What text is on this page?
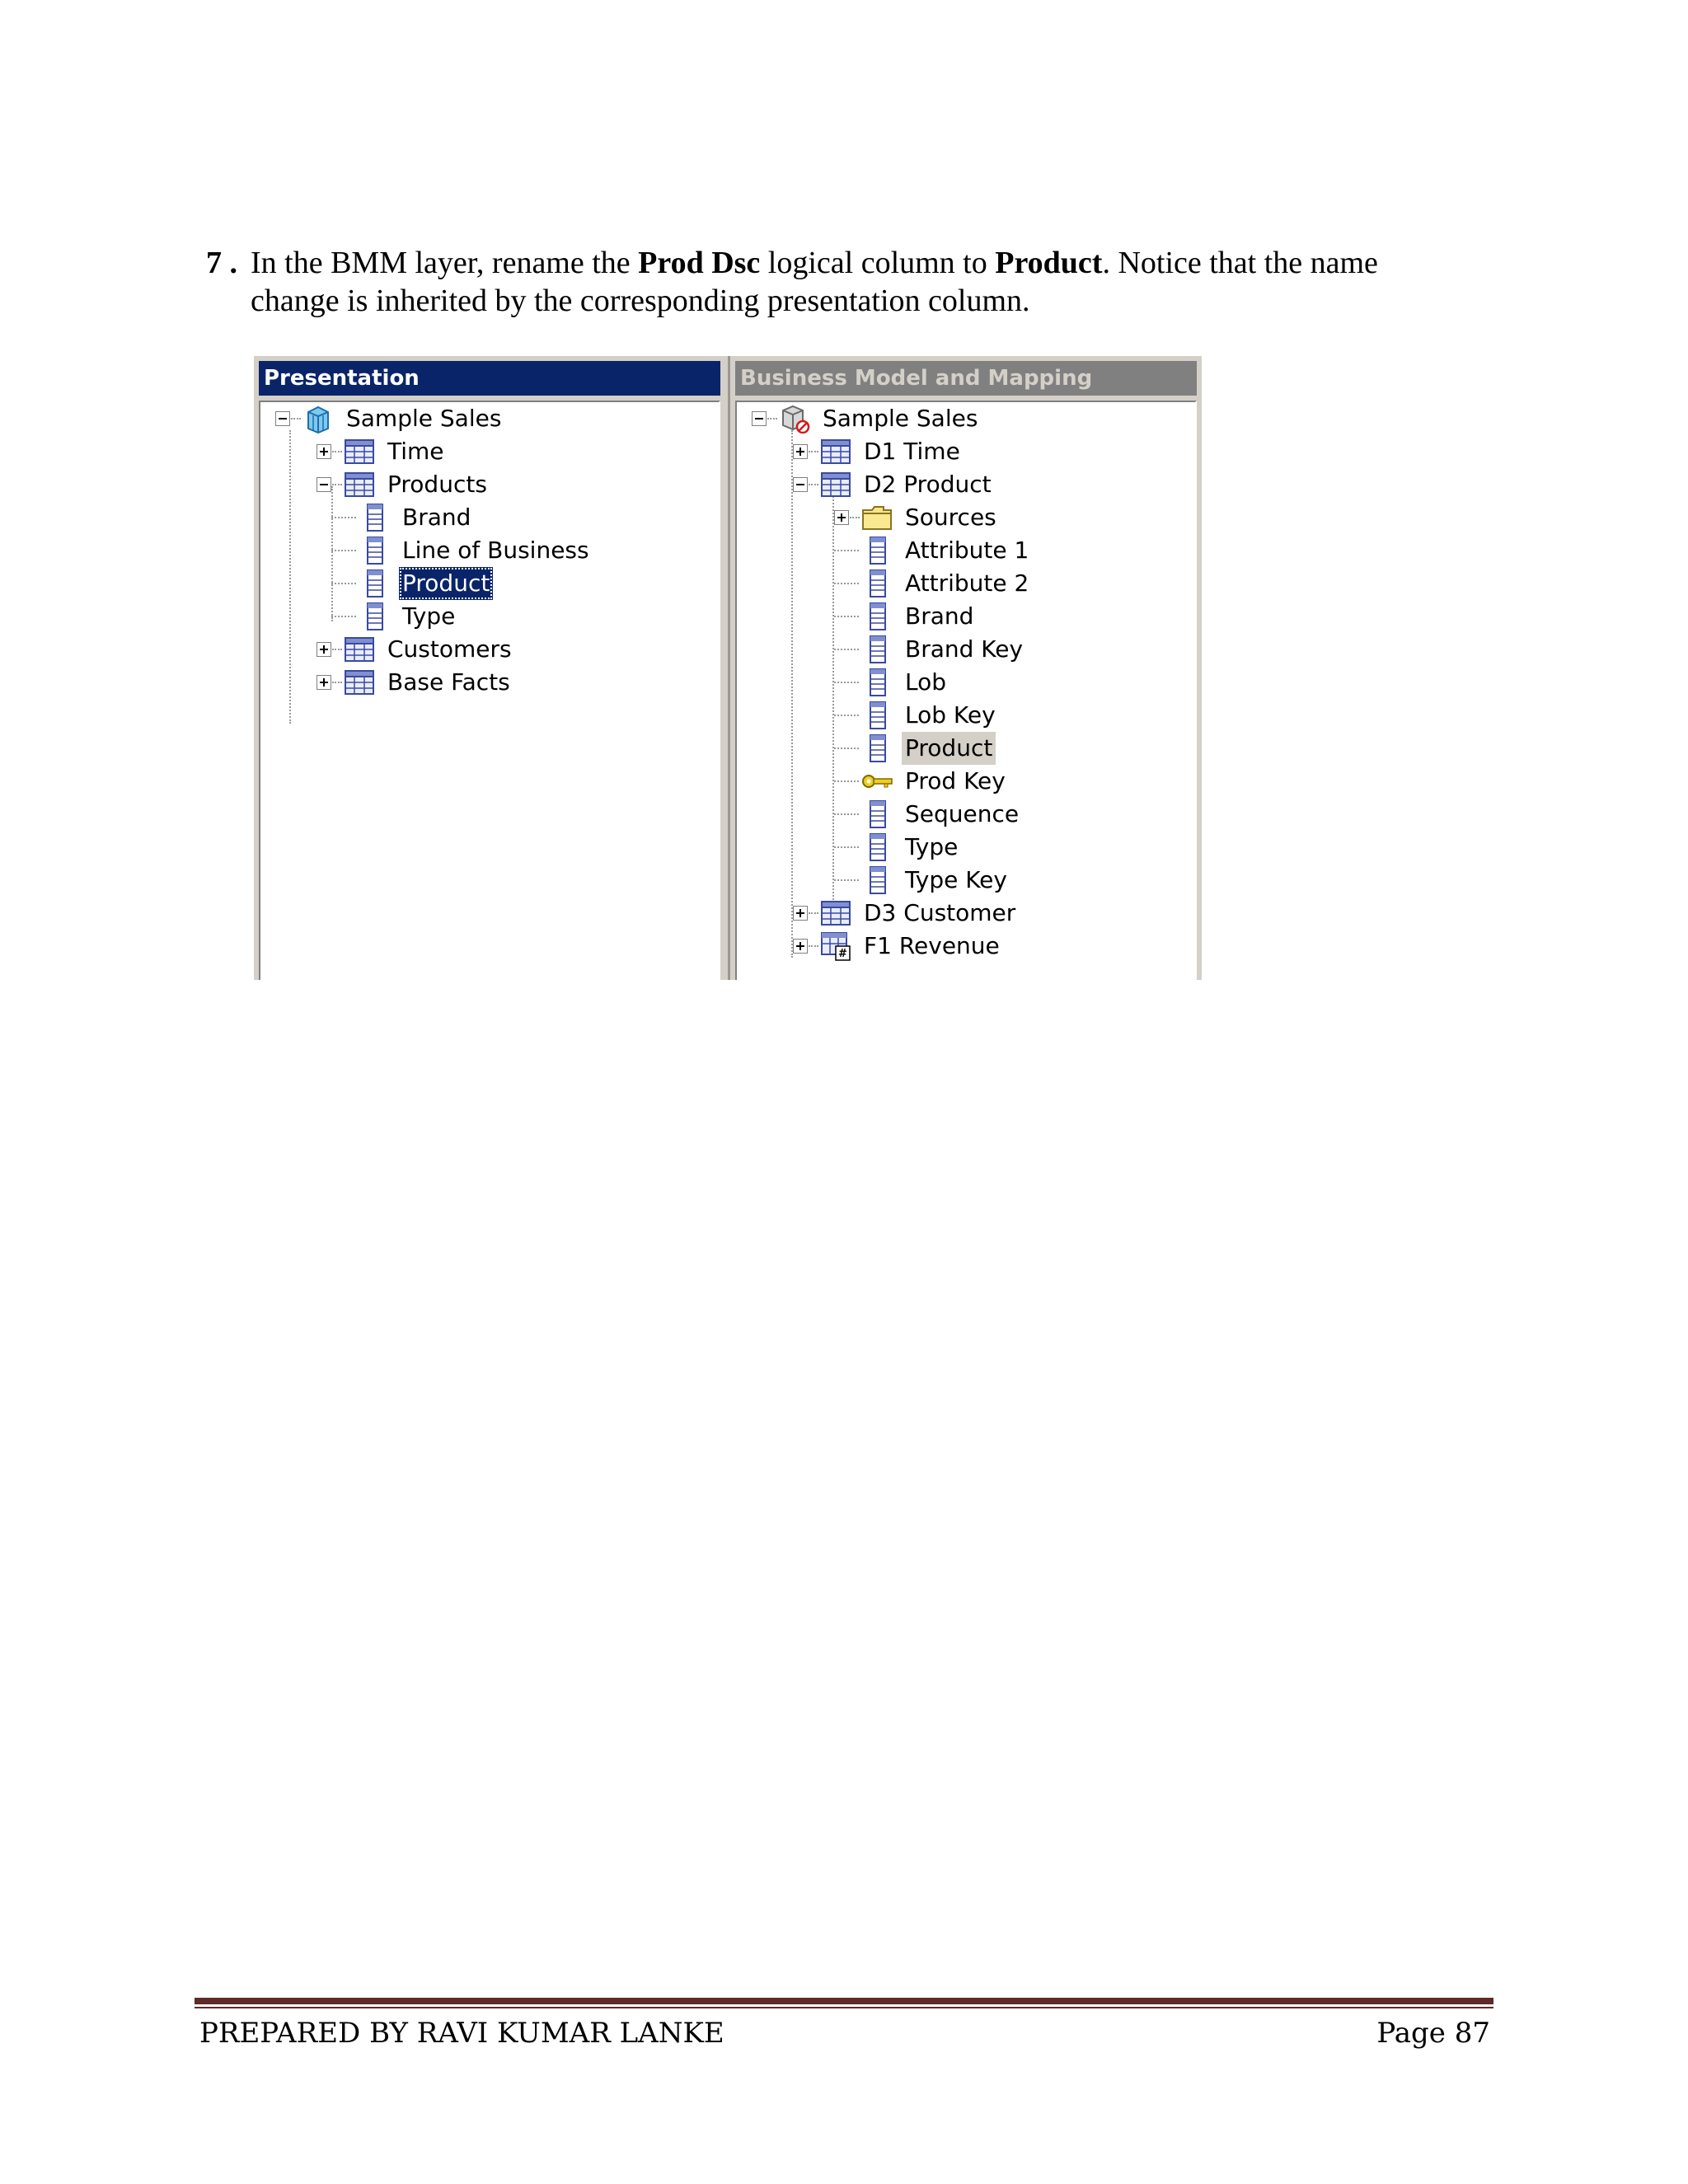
7 . In the BMM layer, rename the Prod Dsc logical column to Product. Notice that the name
change is inherited by the corresponding presentation column.
Presentation
Sample Sales
Time
Products
Brand
Line of Business
Product
Type
Customers
Base Facts
Business Model and Mapping
Sample Sales
D1 Time
D2 Product
Sources
Attribute 1
Attribute 2
Brand
Brand Key
Lob
Lob Key
Product
Prod Key
Sequence
Type
Type Key
D3 Customer
F1 Revenue
PREPARED BY RAVI KUMAR LANKE	Page 87
